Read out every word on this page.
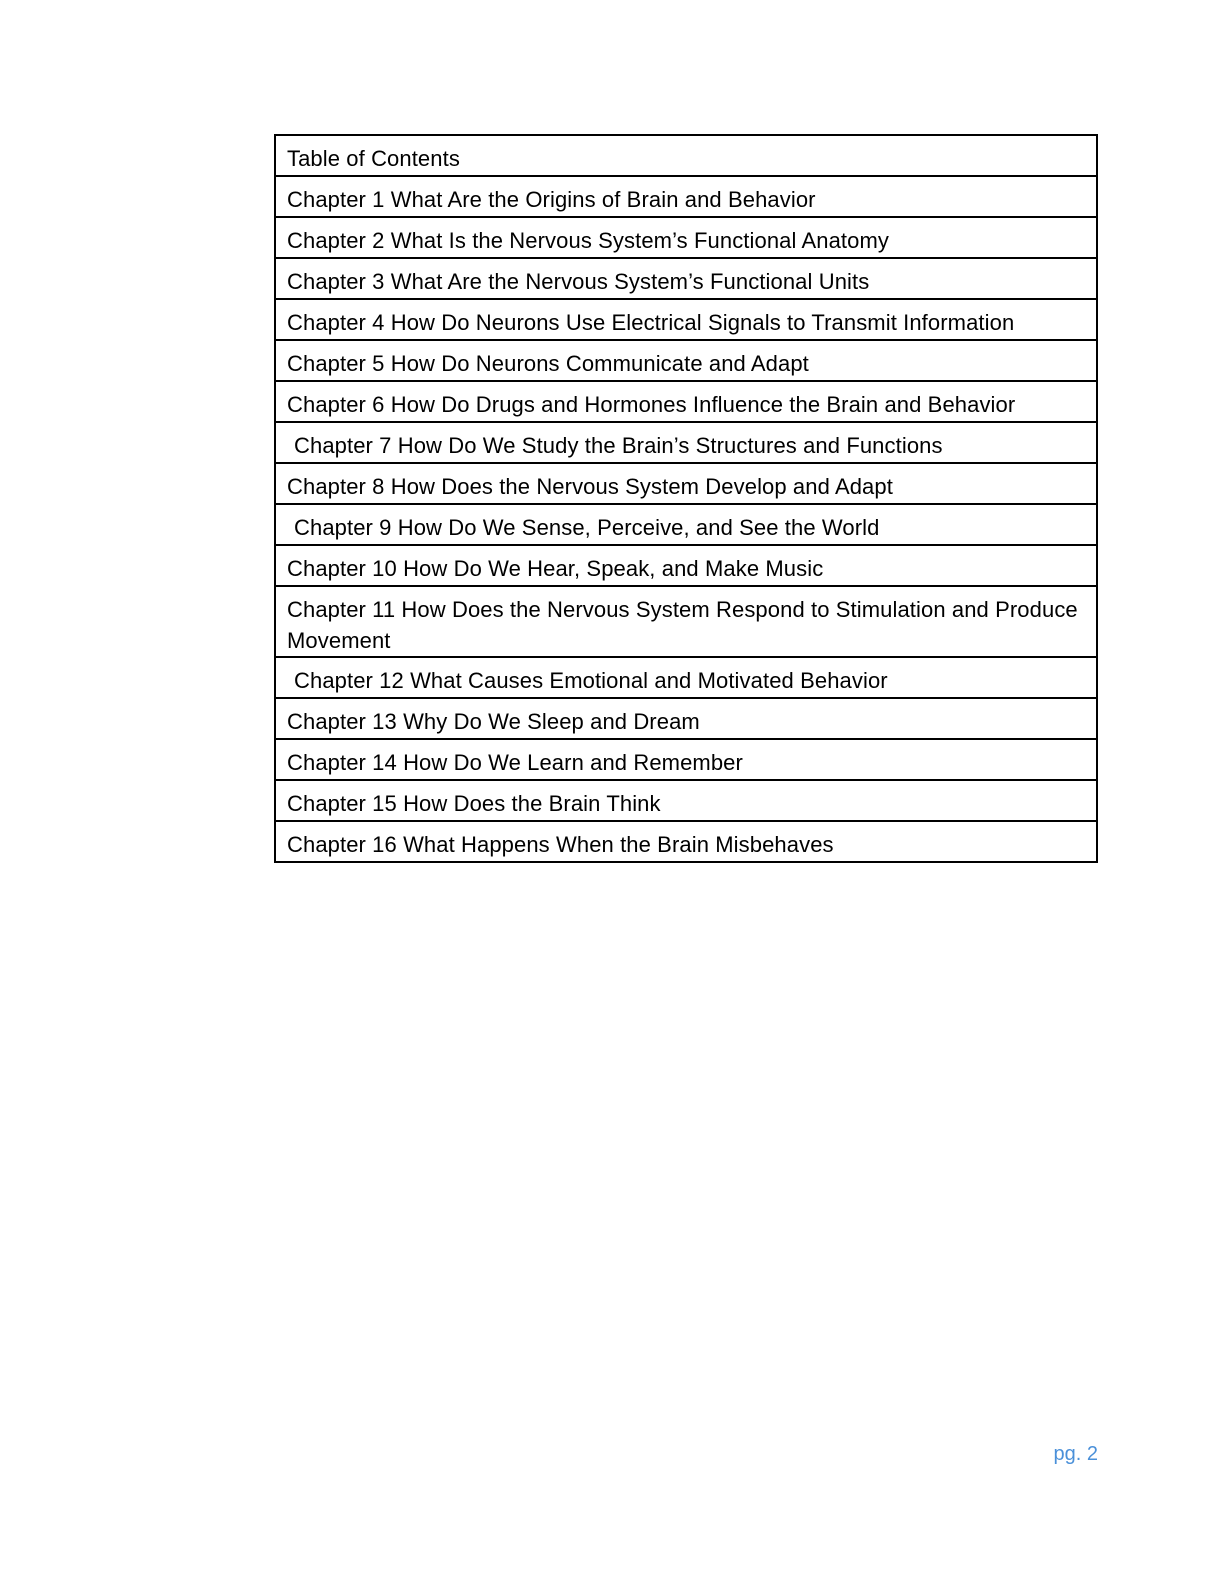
Table of Contents
Chapter 1 What Are the Origins of Brain and Behavior
Chapter 2 What Is the Nervous System’s Functional Anatomy
Chapter 3 What Are the Nervous System’s Functional Units
Chapter 4 How Do Neurons Use Electrical Signals to Transmit Information
Chapter 5 How Do Neurons Communicate and Adapt
Chapter 6 How Do Drugs and Hormones Influence the Brain and Behavior
Chapter 7 How Do We Study the Brain’s Structures and Functions
Chapter 8 How Does the Nervous System Develop and Adapt
Chapter 9 How Do We Sense, Perceive, and See the World
Chapter 10 How Do We Hear, Speak, and Make Music
Chapter 11 How Does the Nervous System Respond to Stimulation and Produce Movement
Chapter 12 What Causes Emotional and Motivated Behavior
Chapter 13 Why Do We Sleep and Dream
Chapter 14 How Do We Learn and Remember
Chapter 15 How Does the Brain Think
Chapter 16 What Happens When the Brain Misbehaves
pg. 2
